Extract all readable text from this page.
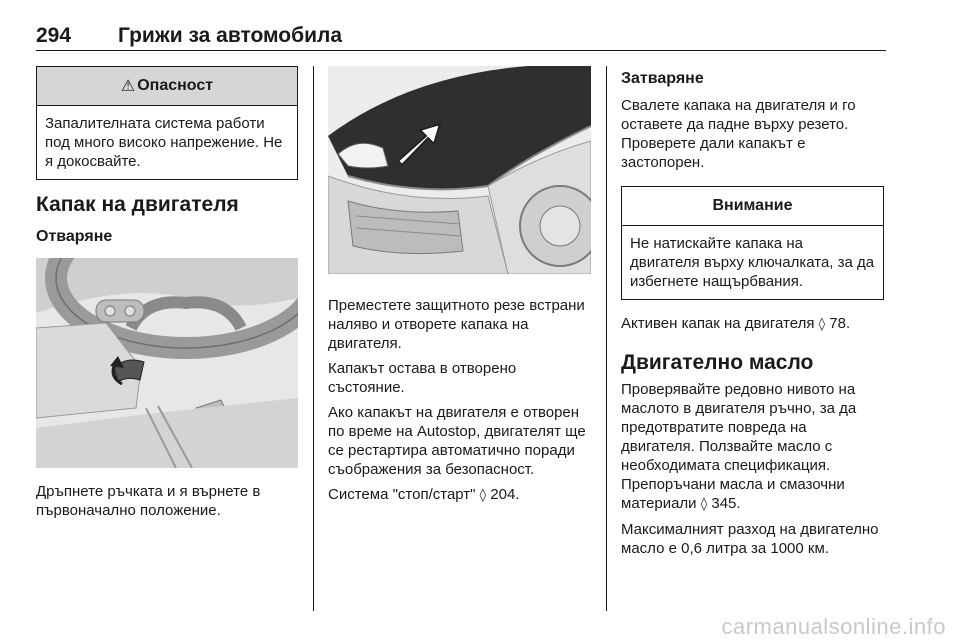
294 Грижи за автомобила
⚠ Опасност
Запалителната система работи под много високо напрежение. Не я докосвайте.
Капак на двигателя
Отваряне

Дръпнете ръчката и я върнете в първоначално положение.

Преместете защитното резе встрани наляво и отворете капака на двигателя.

Капакът остава в отворено състояние.

Ако капакът на двигателя е отворен по време на Autostop, двигателят ще се рестартира автоматично поради съображения за безопасност.

Система "стоп/старт" ◊ 204.

Затваряне

Свалете капака на двигателя и го оставете да падне върху резето. Проверете дали капакът е застопорен.

Внимание
Не натискайте капака на двигателя върху ключалката, за да избегнете нащърбвания.

Активен капак на двигателя ◊ 78.

Двигателно масло

Проверявайте редовно нивото на маслото в двигателя ръчно, за да предотвратите повреда на двигателя. Ползвайте масло с необходимата спецификация. Препоръчани масла и смазочни материали ◊ 345.

Максималният разход на двигателно масло е 0,6 литра за 1000 км.

carmanualsonline.info
